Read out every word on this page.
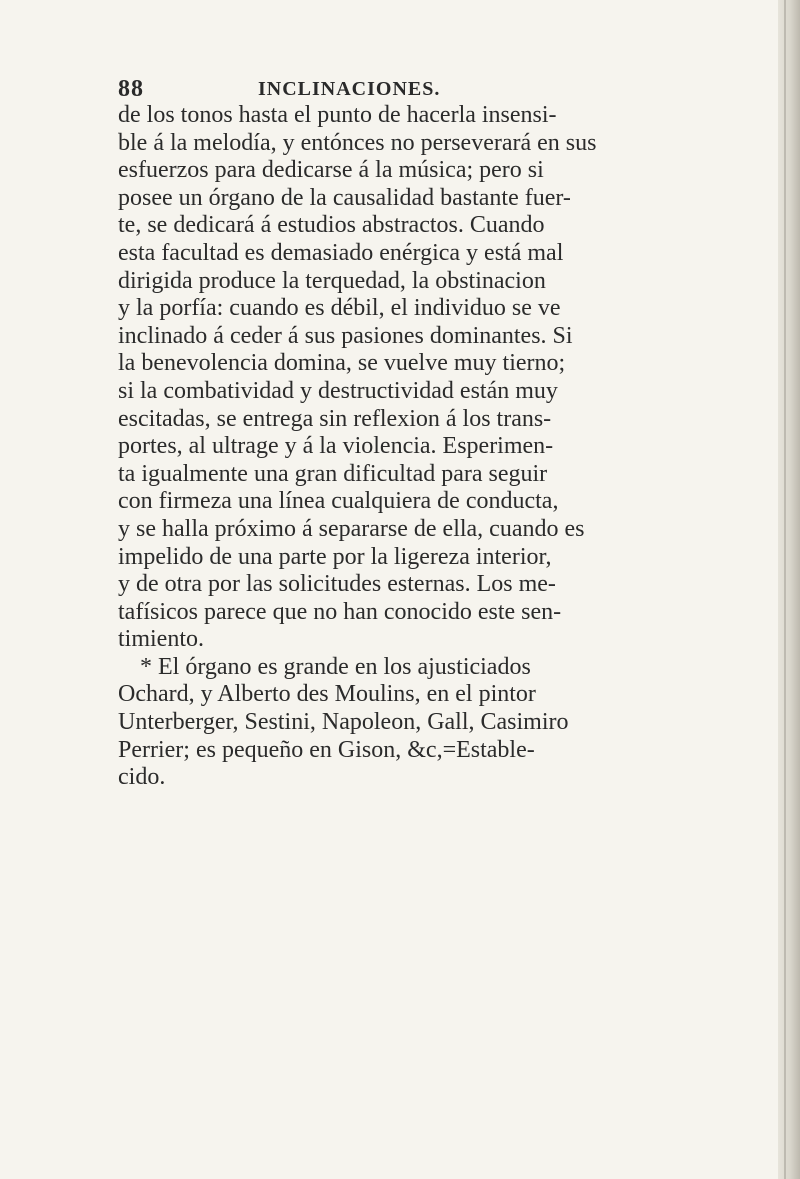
88	INCLINACIONES.
de los tonos hasta el punto de hacerla insensi-
ble á la melodía, y entónces no perseverará en sus
esfuerzos para dedicarse á la música; pero si
posee un órgano de la causalidad bastante fuer-
te, se dedicará á estudios abstractos. Cuando
esta facultad es demasiado enérgica y está mal
dirigida produce la terquedad, la obstinacion
y la porfía: cuando es débil, el individuo se ve
inclinado á ceder á sus pasiones dominantes. Si
la benevolencia domina, se vuelve muy tierno;
si la combatividad y destructividad están muy
escitadas, se entrega sin reflexion á los trans-
portes, al ultrage y á la violencia. Esperimen-
ta igualmente una gran dificultad para seguir
con firmeza una línea cualquiera de conducta,
y se halla próximo á separarse de ella, cuando es
impelido de una parte por la ligereza interior,
y de otra por las solicitudes esternas. Los me-
tafísicos parece que no han conocido este sen-
timiento.
* El órgano es grande en los ajusticiados
Ochard, y Alberto des Moulins, en el pintor
Unterberger, Sestini, Napoleon, Gall, Casimiro
Perrier; es pequeño en Gison, &c,=Estable-
cido.
